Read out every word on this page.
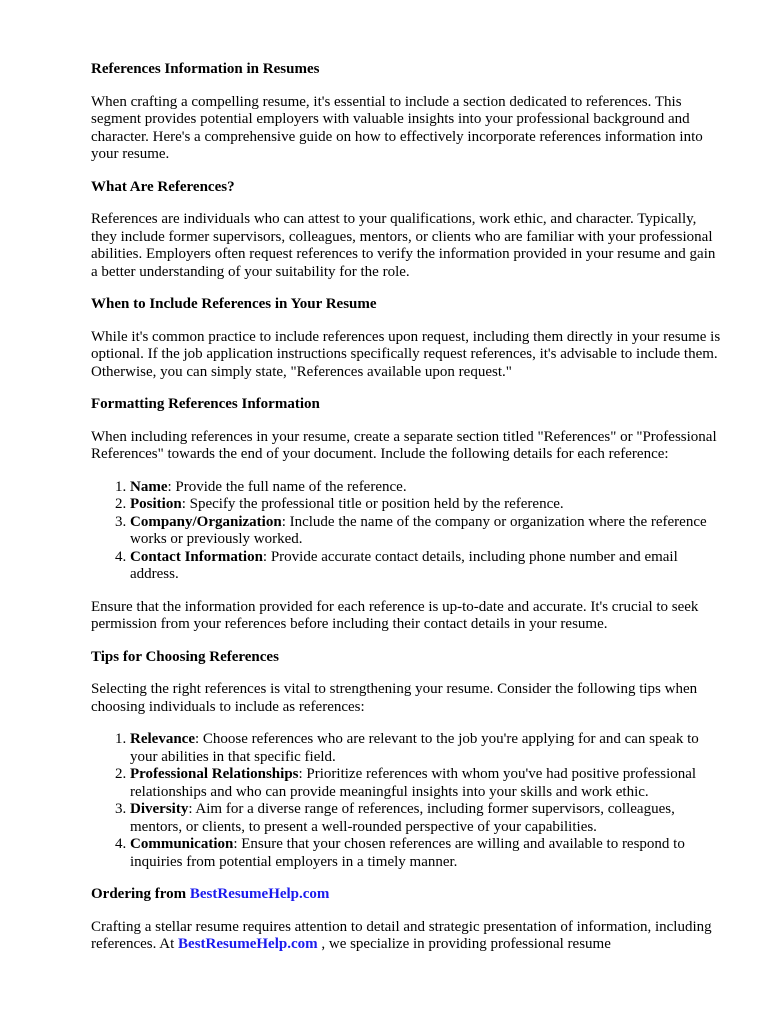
References Information in Resumes

When crafting a compelling resume, it's essential to include a section dedicated to references. This segment provides potential employers with valuable insights into your professional background and character. Here's a comprehensive guide on how to effectively incorporate references information into your resume.

What Are References?

References are individuals who can attest to your qualifications, work ethic, and character. Typically, they include former supervisors, colleagues, mentors, or clients who are familiar with your professional abilities. Employers often request references to verify the information provided in your resume and gain a better understanding of your suitability for the role.

When to Include References in Your Resume

While it's common practice to include references upon request, including them directly in your resume is optional. If the job application instructions specifically request references, it's advisable to include them. Otherwise, you can simply state, "References available upon request."

Formatting References Information

When including references in your resume, create a separate section titled "References" or "Professional References" towards the end of your document. Include the following details for each reference:

1. Name: Provide the full name of the reference.
2. Position: Specify the professional title or position held by the reference.
3. Company/Organization: Include the name of the company or organization where the reference works or previously worked.
4. Contact Information: Provide accurate contact details, including phone number and email address.

Ensure that the information provided for each reference is up-to-date and accurate. It's crucial to seek permission from your references before including their contact details in your resume.

Tips for Choosing References

Selecting the right references is vital to strengthening your resume. Consider the following tips when choosing individuals to include as references:

1. Relevance: Choose references who are relevant to the job you're applying for and can speak to your abilities in that specific field.
2. Professional Relationships: Prioritize references with whom you've had positive professional relationships and who can provide meaningful insights into your skills and work ethic.
3. Diversity: Aim for a diverse range of references, including former supervisors, colleagues, mentors, or clients, to present a well-rounded perspective of your capabilities.
4. Communication: Ensure that your chosen references are willing and available to respond to inquiries from potential employers in a timely manner.
Ordering from BestResumeHelp.com

Crafting a stellar resume requires attention to detail and strategic presentation of information, including references. At BestResumeHelp.com , we specialize in providing professional resume
